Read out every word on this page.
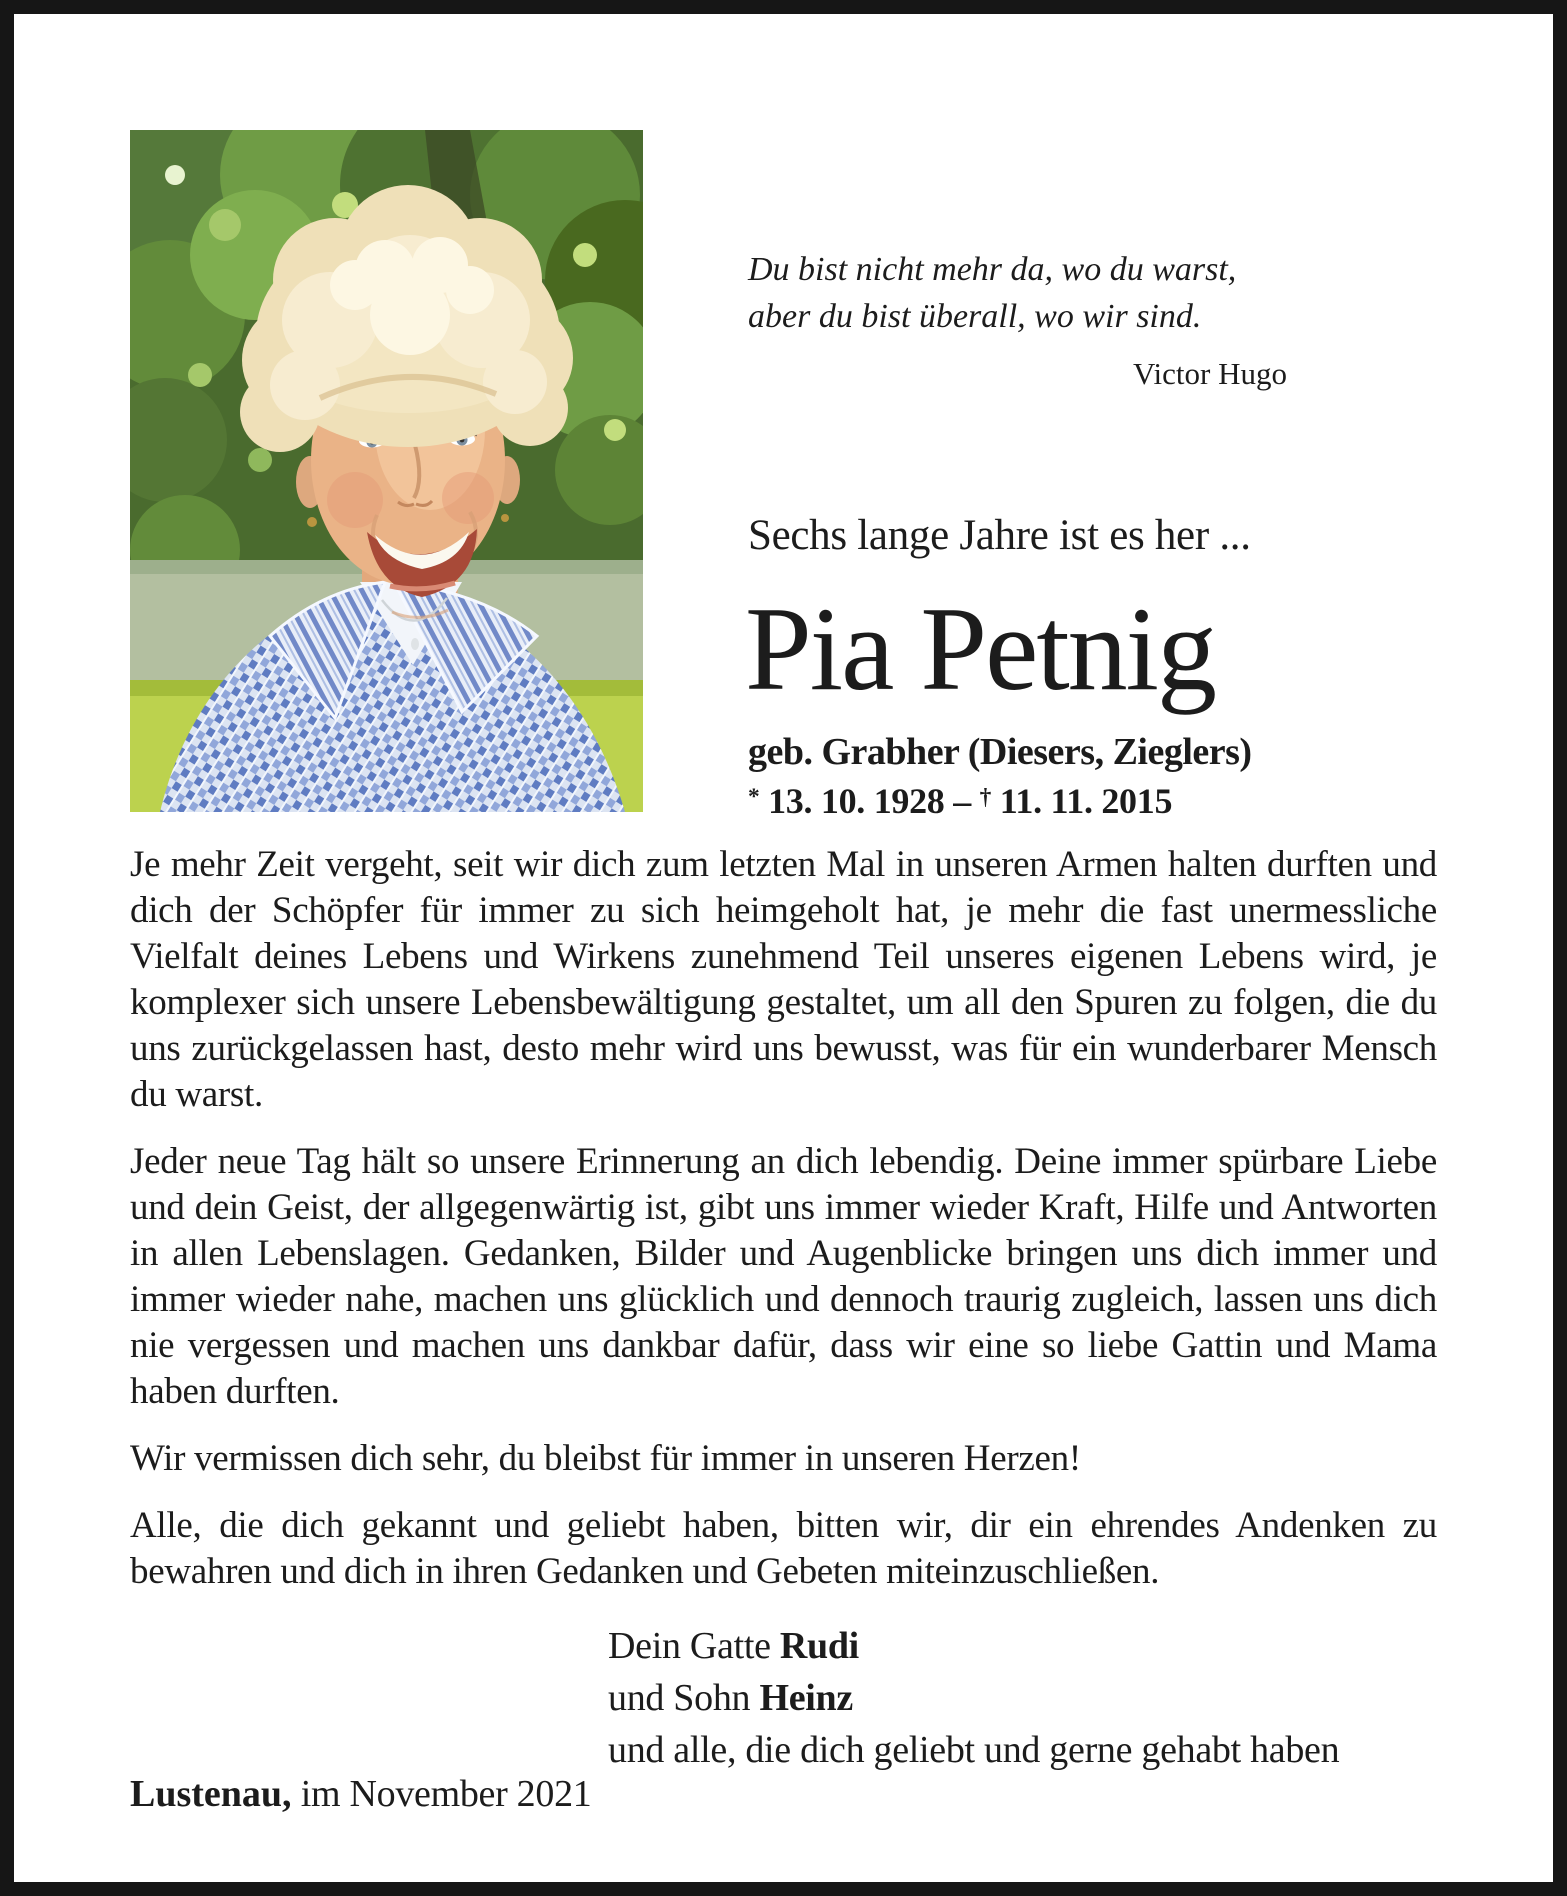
Du bist nicht mehr da, wo du warst,
aber du bist überall, wo wir sind.
Victor Hugo
Sechs lange Jahre ist es her ...
Pia Petnig
geb. Grabher (Diesers, Zieglers)
* 13. 10. 1928 – † 11. 11. 2015

Je mehr Zeit vergeht, seit wir dich zum letzten Mal in unseren Armen halten durften und dich der Schöpfer für immer zu sich heimgeholt hat, je mehr die fast unermessliche Vielfalt deines Lebens und Wirkens zunehmend Teil unseres eigenen Lebens wird, je komplexer sich unsere Lebensbewältigung gestaltet, um all den Spuren zu folgen, die du uns zurückgelassen hast, desto mehr wird uns bewusst, was für ein wunderbarer Mensch du warst.

Jeder neue Tag hält so unsere Erinnerung an dich lebendig. Deine immer spürbare Liebe und dein Geist, der allgegenwärtig ist, gibt uns immer wieder Kraft, Hilfe und Antworten in allen Lebenslagen. Gedanken, Bilder und Augenblicke bringen uns dich immer und immer wieder nahe, machen uns glücklich und dennoch traurig zugleich, lassen uns dich nie vergessen und machen uns dankbar dafür, dass wir eine so liebe Gattin und Mama haben durften.

Wir vermissen dich sehr, du bleibst für immer in unseren Herzen!

Alle, die dich gekannt und geliebt haben, bitten wir, dir ein ehrendes Andenken zu bewahren und dich in ihren Gedanken und Gebeten miteinzuschließen.

Dein Gatte Rudi
und Sohn Heinz
und alle, die dich geliebt und gerne gehabt haben
Lustenau, im November 2021
